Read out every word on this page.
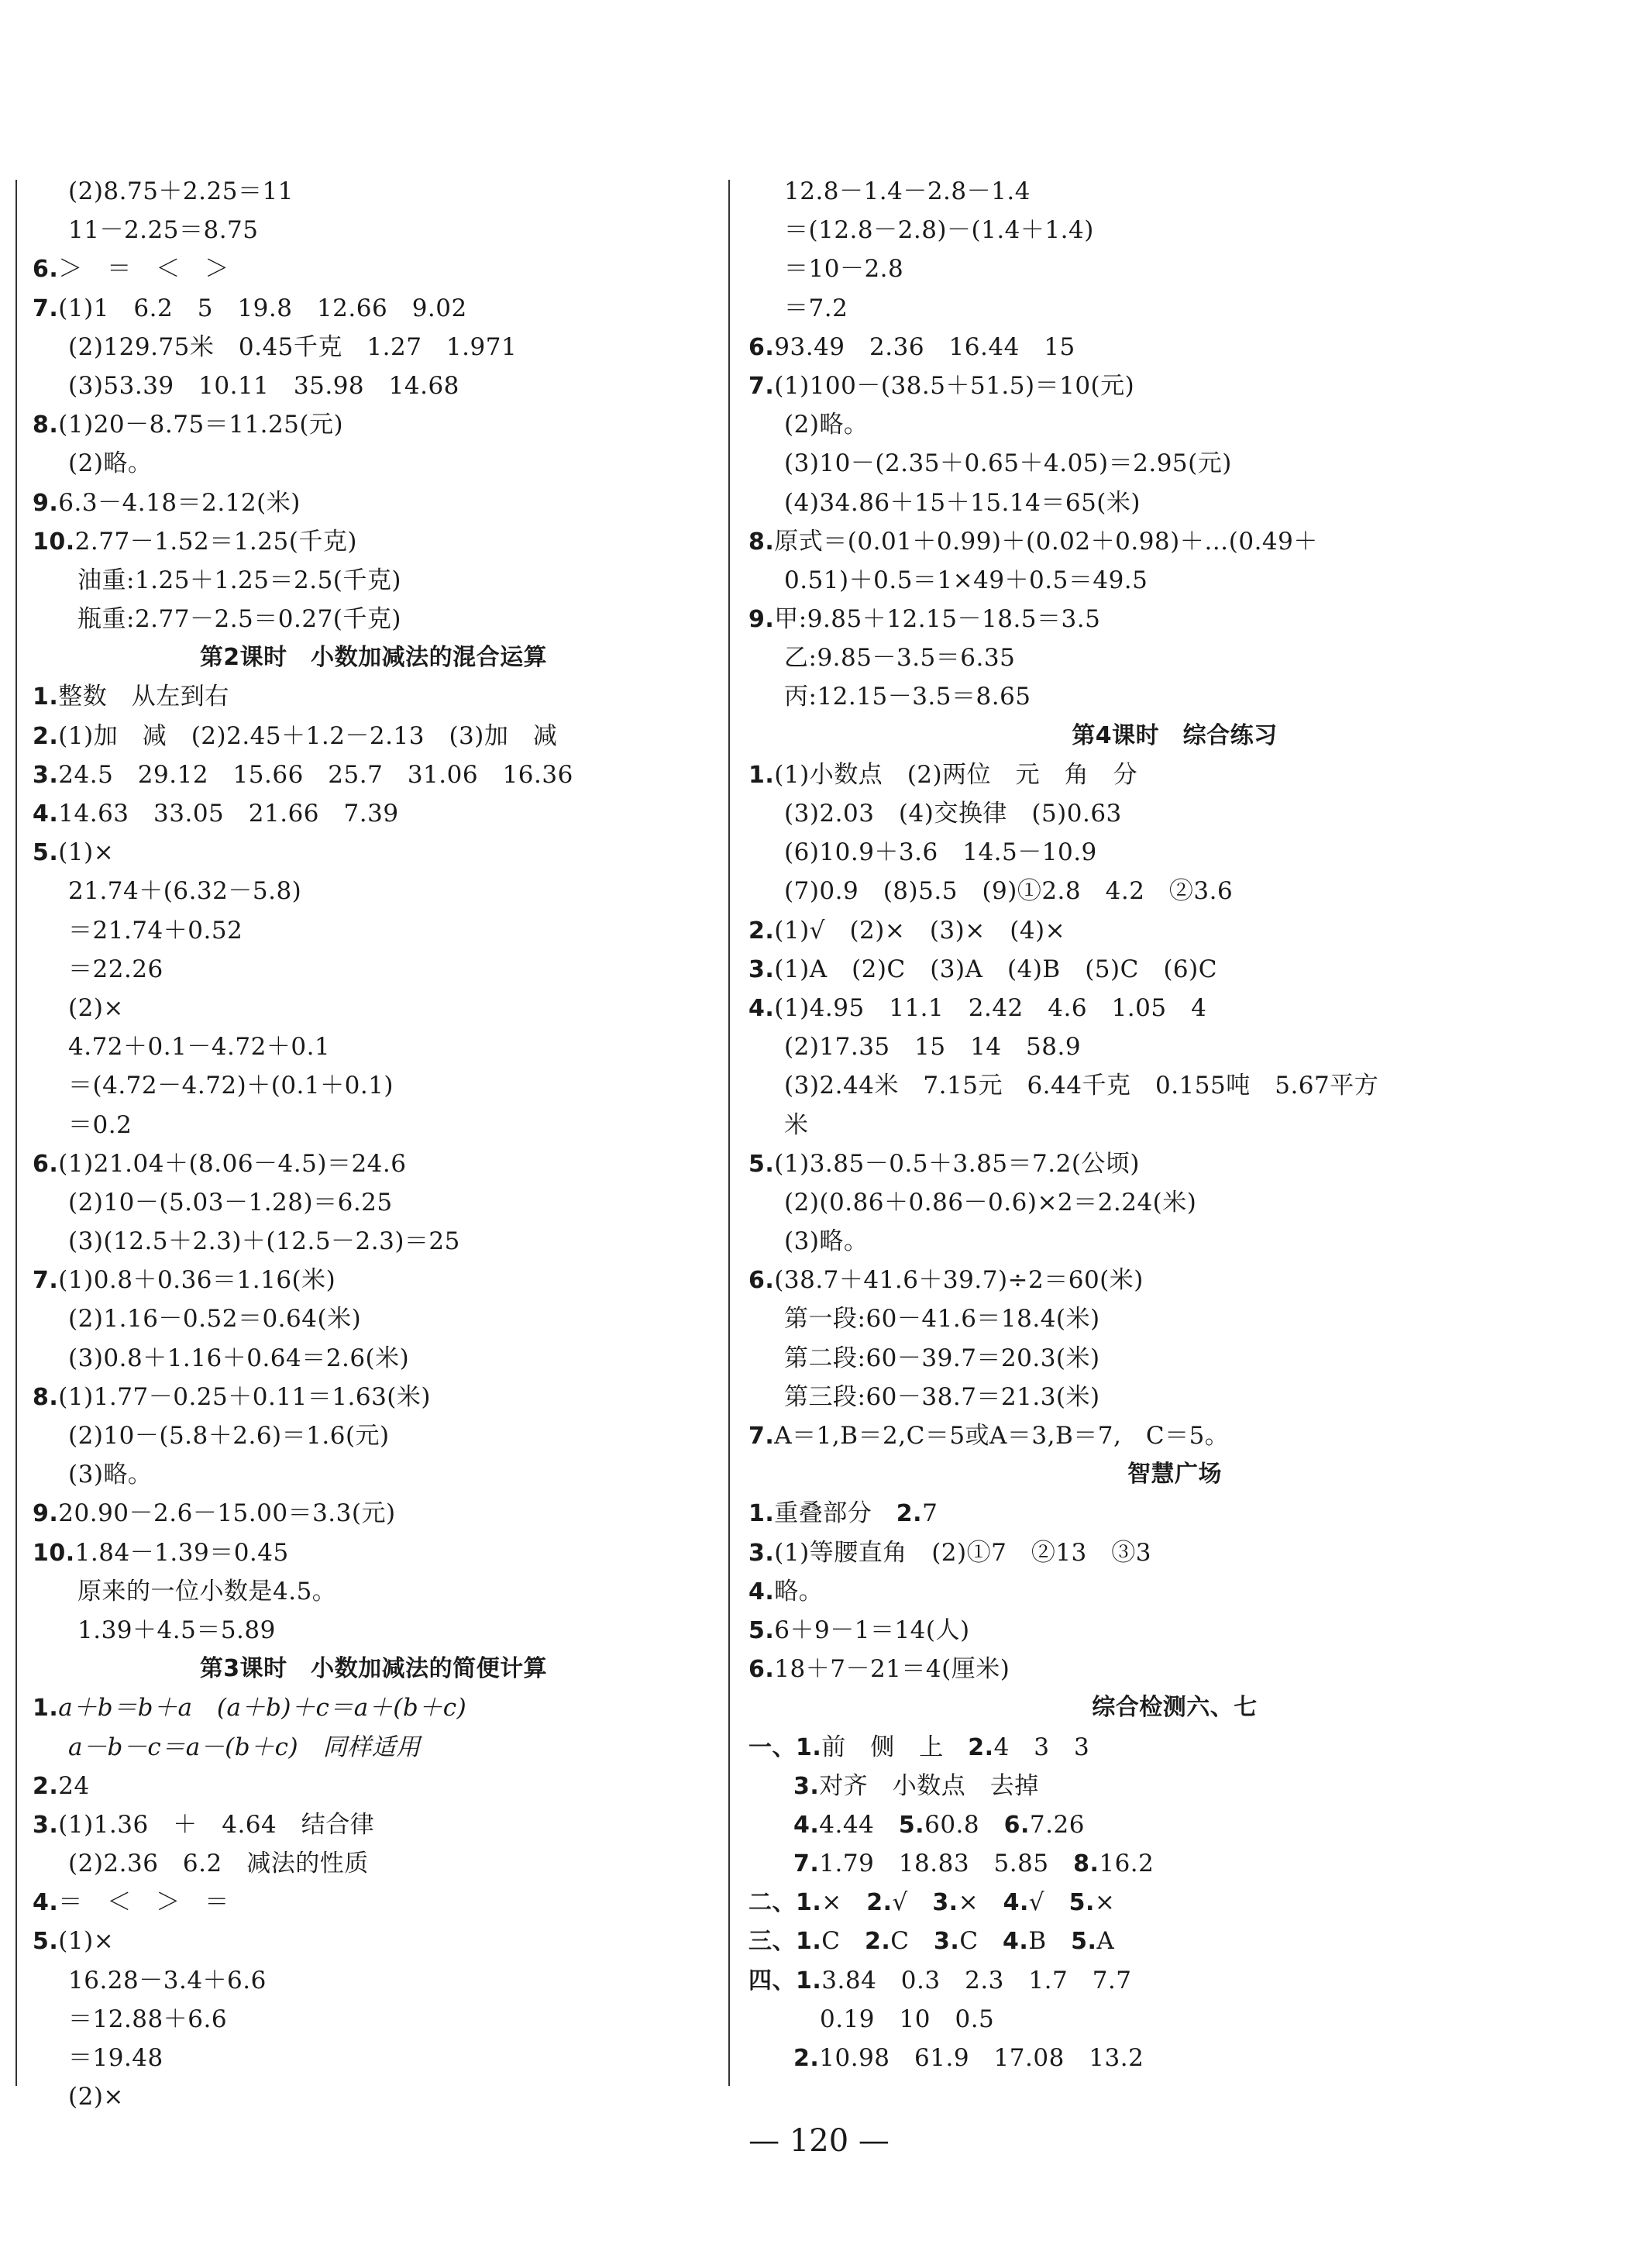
(2)8.75＋2.25＝11
11－2.25＝8.75
6.＞　＝　＜　＞
7.(1)1　6.2　5　19.8　12.66　9.02
(2)129.75米　0.45千克　1.27　1.971
(3)53.39　10.11　35.98　14.68
8.(1)20－8.75＝11.25(元)
(2)略。
9.6.3－4.18＝2.12(米)
10.2.77－1.52＝1.25(千克)
油重:1.25＋1.25＝2.5(千克)
瓶重:2.77－2.5＝0.27(千克)
第2课时　小数加减法的混合运算
1.整数　从左到右
2.(1)加　减　(2)2.45＋1.2－2.13　(3)加　减
3.24.5　29.12　15.66　25.7　31.06　16.36
4.14.63　33.05　21.66　7.39
5.(1)×
21.74＋(6.32－5.8)
＝21.74＋0.52
＝22.26
(2)×
4.72＋0.1－4.72＋0.1
＝(4.72－4.72)＋(0.1＋0.1)
＝0.2
6.(1)21.04＋(8.06－4.5)＝24.6
(2)10－(5.03－1.28)＝6.25
(3)(12.5＋2.3)＋(12.5－2.3)＝25
7.(1)0.8＋0.36＝1.16(米)
(2)1.16－0.52＝0.64(米)
(3)0.8＋1.16＋0.64＝2.6(米)
8.(1)1.77－0.25＋0.11＝1.63(米)
(2)10－(5.8＋2.6)＝1.6(元)
(3)略。
9.20.90－2.6－15.00＝3.3(元)
10.1.84－1.39＝0.45
原来的一位小数是4.5。
1.39＋4.5＝5.89
第3课时　小数加减法的简便计算
1.a＋b＝b＋a　(a＋b)＋c＝a＋(b＋c)
a－b－c＝a－(b＋c)　同样适用
2.24
3.(1)1.36　＋　4.64　结合律
(2)2.36　6.2　减法的性质
4.＝　＜　＞　＝
5.(1)×
16.28－3.4＋6.6
＝12.88＋6.6
＝19.48
(2)×
12.8－1.4－2.8－1.4
＝(12.8－2.8)－(1.4＋1.4)
＝10－2.8
＝7.2
6.93.49　2.36　16.44　15
7.(1)100－(38.5＋51.5)＝10(元)
(2)略。
(3)10－(2.35＋0.65＋4.05)＝2.95(元)
(4)34.86＋15＋15.14＝65(米)
8.原式＝(0.01＋0.99)＋(0.02＋0.98)＋…(0.49＋
0.51)＋0.5＝1×49＋0.5＝49.5
9.甲:9.85＋12.15－18.5＝3.5
乙:9.85－3.5＝6.35
丙:12.15－3.5＝8.65
第4课时　综合练习
1.(1)小数点　(2)两位　元　角　分
(3)2.03　(4)交换律　(5)0.63
(6)10.9＋3.6　14.5－10.9
(7)0.9　(8)5.5　(9)①2.8　4.2　②3.6
2.(1)√　(2)×　(3)×　(4)×
3.(1)A　(2)C　(3)A　(4)B　(5)C　(6)C
4.(1)4.95　11.1　2.42　4.6　1.05　4
(2)17.35　15　14　58.9
(3)2.44米　7.15元　6.44千克　0.155吨　5.67平方
米
5.(1)3.85－0.5＋3.85＝7.2(公顷)
(2)(0.86＋0.86－0.6)×2＝2.24(米)
(3)略。
6.(38.7＋41.6＋39.7)÷2＝60(米)
第一段:60－41.6＝18.4(米)
第二段:60－39.7＝20.3(米)
第三段:60－38.7＝21.3(米)
7.A＝1,B＝2,C＝5或A＝3,B＝7,　C＝5。
智慧广场
1.重叠部分　2.7
3.(1)等腰直角　(2)①7　②13　③3
4.略。
5.6＋9－1＝14(人)
6.18＋7－21＝4(厘米)
综合检测六、七
一、1.前　侧　上　2.4　3　3
3.对齐　小数点　去掉
4.4.44　5.60.8　6.7.26
7.1.79　18.83　5.85　8.16.2
二、1.×　2.√　3.×　4.√　5.×
三、1.C　2.C　3.C　4.B　5.A
四、1.3.84　0.3　2.3　1.7　7.7
0.19　10　0.5
2.10.98　61.9　17.08　13.2
— 120 —
